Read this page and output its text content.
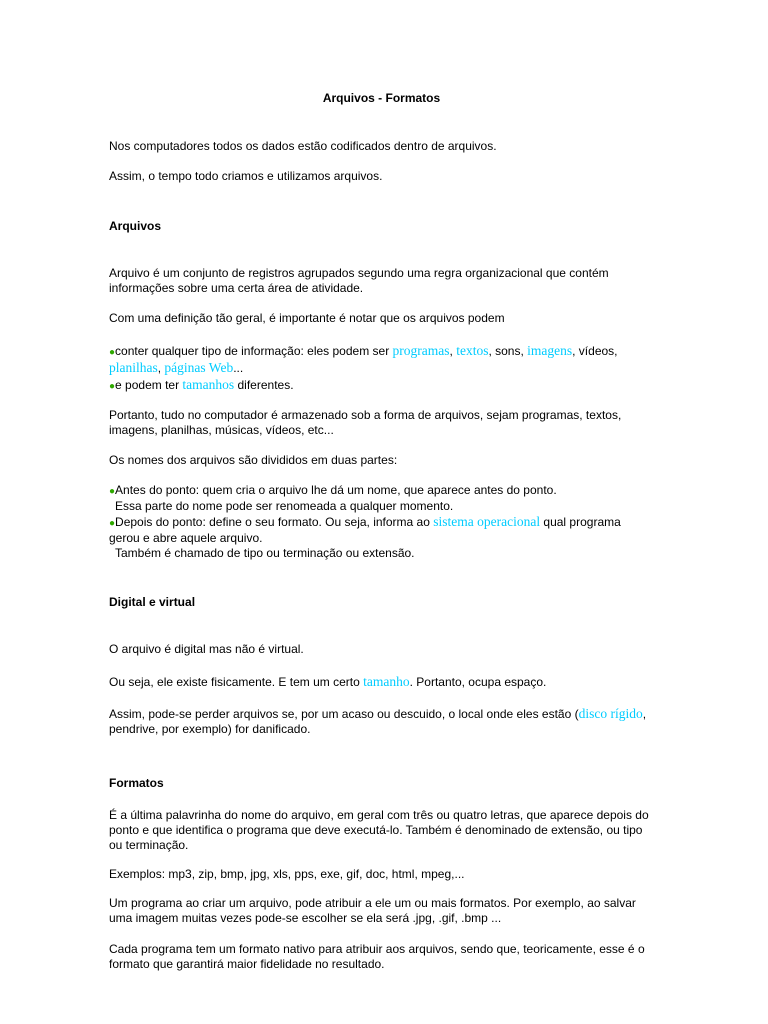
Arquivos - Formatos

Nos computadores todos os dados estão codificados dentro de arquivos.

Assim, o tempo todo criamos e utilizamos arquivos.

Arquivos

Arquivo é um conjunto de registros agrupados segundo uma regra organizacional que contém informações sobre uma certa área de atividade.

Com uma definição tão geral, é importante é notar que os arquivos podem

●conter qualquer tipo de informação: eles podem ser programas, textos, sons, imagens, vídeos, planilhas, páginas Web...
●e podem ter tamanhos diferentes.

Portanto, tudo no computador é armazenado sob a forma de arquivos, sejam programas, textos, imagens, planilhas, músicas, vídeos, etc...

Os nomes dos arquivos são divididos em duas partes:

●Antes do ponto: quem cria o arquivo lhe dá um nome, que aparece antes do ponto.
Essa parte do nome pode ser renomeada a qualquer momento.
●Depois do ponto: define o seu formato. Ou seja, informa ao sistema operacional qual programa gerou e abre aquele arquivo.
Também é chamado de tipo ou terminação ou extensão.
Digital e virtual

O arquivo é digital mas não é virtual.

Ou seja, ele existe fisicamente. E tem um certo tamanho. Portanto, ocupa espaço.

Assim, pode-se perder arquivos se, por um acaso ou descuido, o local onde eles estão (disco rígido, pendrive, por exemplo) for danificado.

Formatos

É a última palavrinha do nome do arquivo, em geral com três ou quatro letras, que aparece depois do ponto e que identifica o programa que deve executá-lo. Também é denominado de extensão, ou tipo ou terminação.

Exemplos: mp3, zip, bmp, jpg, xls, pps, exe, gif, doc, html, mpeg,...

Um programa ao criar um arquivo, pode atribuir a ele um ou mais formatos. Por exemplo, ao salvar uma imagem muitas vezes pode-se escolher se ela será .jpg, .gif, .bmp ...

Cada programa tem um formato nativo para atribuir aos arquivos, sendo que, teoricamente, esse é o formato que garantirá maior fidelidade no resultado.
